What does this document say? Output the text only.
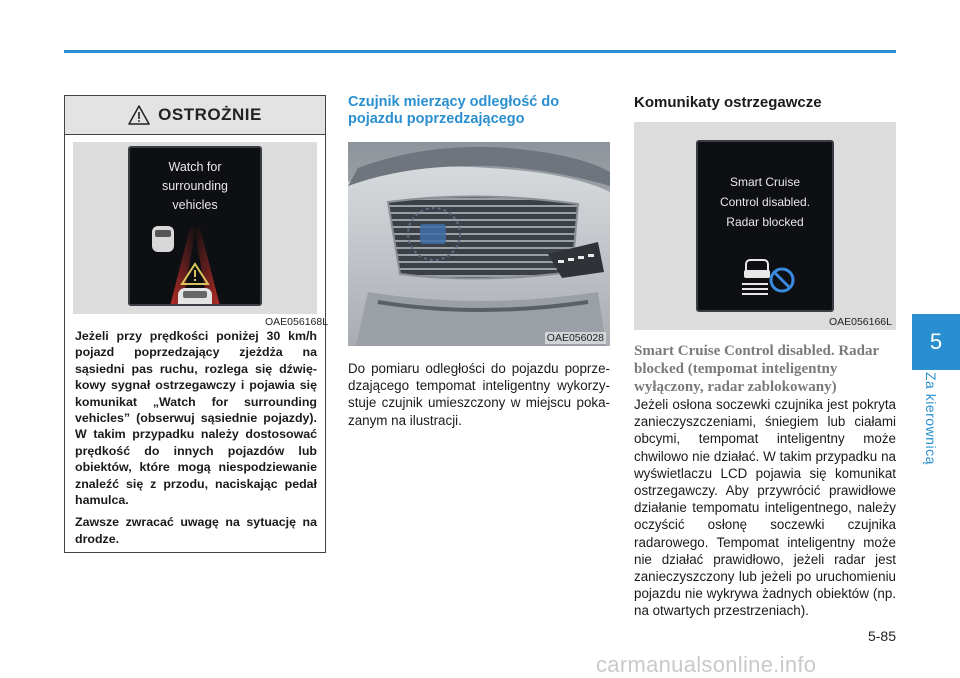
OSTROŻNIE
Watch for
surrounding
vehicles
OAE056168L

Jeżeli przy prędkości poniżej 30 km/h pojazd poprzedzający zjeżdża na sąsiedni pas ruchu, rozlega się dźwiękowy sygnał ostrzegawczy i pojawia się komunikat „Watch for surrounding vehicles” (obserwuj sąsiednie pojazdy). W takim przypadku należy dostosować prędkość do innych pojazdów lub obiektów, które mogą niespodziewanie znaleźć się z przodu, naciskając pedał hamulca.

Zawsze zwracać uwagę na sytuację na drodze.

Czujnik mierzący odległość do
pojazdu poprzedzającego
OAE056028
Do pomiaru odległości do pojazdu poprzedzającego tempomat inteligentny wykorzystuje czujnik umieszczony w miejscu pokazanym na ilustracji.
Komunikaty ostrzegawcze
Smart Cruise
Control disabled.
Radar blocked
OAE056166L
Smart Cruise Control disabled. Radar
blocked (tempomat inteligentny
wyłączony, radar zablokowany)
Jeżeli osłona soczewki czujnika jest pokryta zanieczyszczeniami, śniegiem lub ciałami obcymi, tempomat inteligentny może chwilowo nie działać. W takim przypadku na wyświetlaczu LCD pojawia się komunikat ostrzegawczy. Aby przywrócić prawidłowe działanie tempomatu inteligentnego, należy oczyścić osłonę soczewki czujnika radarowego. Tempomat inteligentny może nie działać prawidłowo, jeżeli radar jest zanieczyszczony lub jeżeli po uruchomieniu pojazdu nie wykrywa żadnych obiektów (np. na otwartych przestrzeniach).
5
Za kierownicą
5-85
carmanualsonline.info
